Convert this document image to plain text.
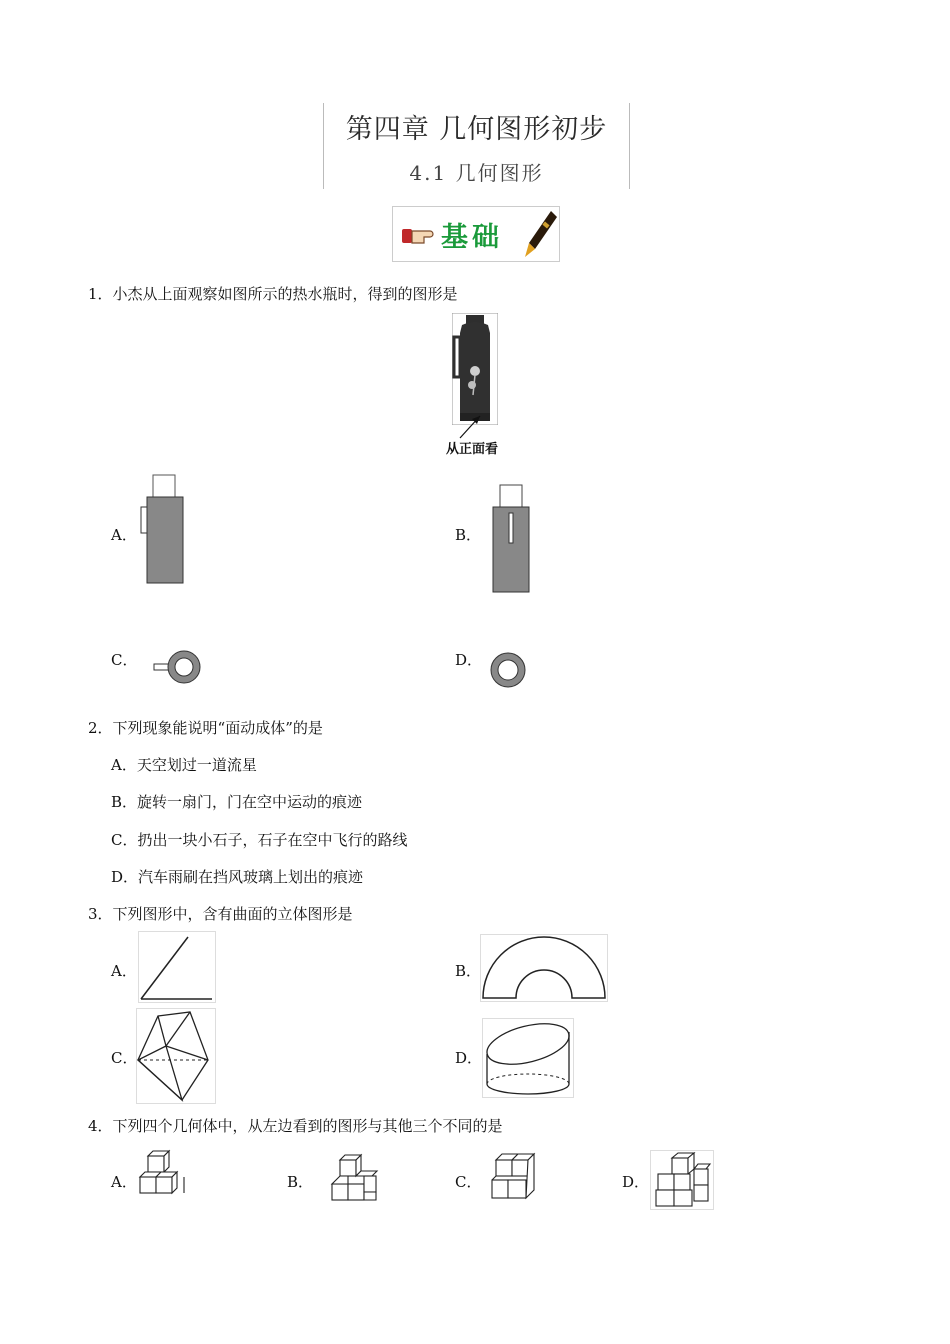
第四章 几何图形初步
4.1 几何图形
基础
1．小杰从上面观察如图所示的热水瓶时，得到的图形是
从正面看
A．	B．
C．	D．
2．下列现象能说明“面动成体”的是
A．天空划过一道流星
B．旋转一扇门，门在空中运动的痕迹
C．扔出一块小石子，石子在空中飞行的路线
D．汽车雨刷在挡风玻璃上划出的痕迹
3．下列图形中，含有曲面的立体图形是
A．	B．
C．	D．
4．下列四个几何体中，从左边看到的图形与其他三个不同的是
A．	B．	C．	D．
